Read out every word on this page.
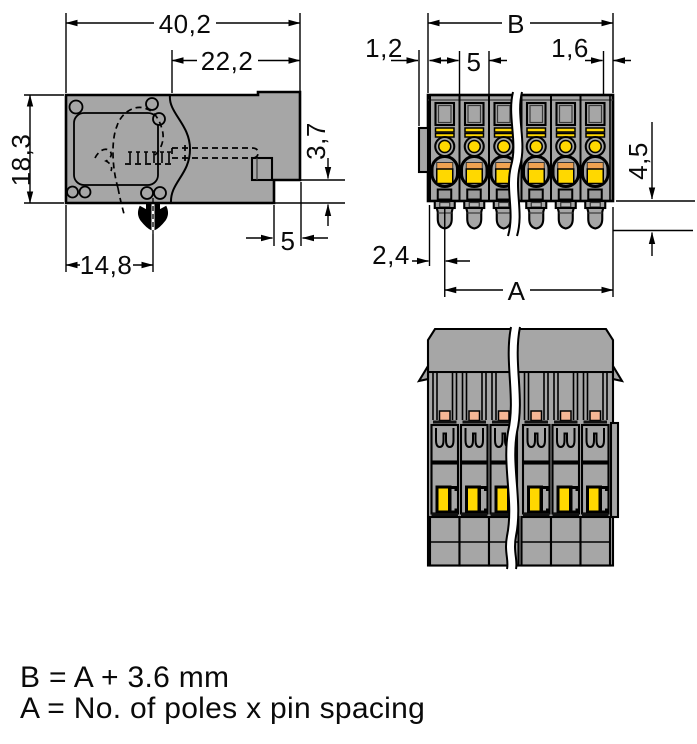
40,2
22,2
18,3	3,7
5
14,8
B
1,2 5	1,6
2,4
A
4,5
B = A + 3.6 mm
A = No. of poles x pin spacing
